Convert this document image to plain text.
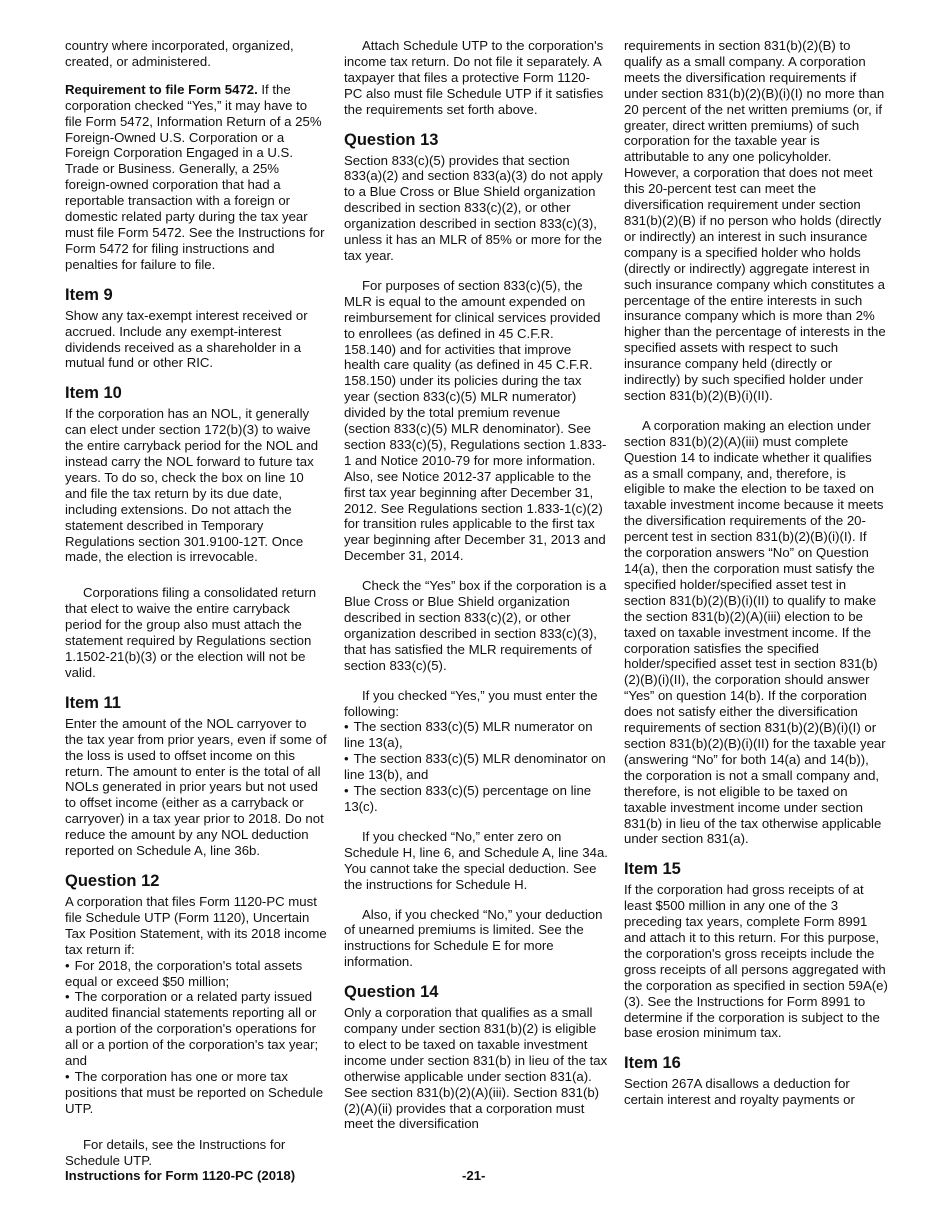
country where incorporated, organized, created, or administered.

Requirement to file Form 5472. If the corporation checked “Yes,” it may have to file Form 5472, Information Return of a 25% Foreign-Owned U.S. Corporation or a Foreign Corporation Engaged in a U.S. Trade or Business. Generally, a 25% foreign-owned corporation that had a reportable transaction with a foreign or domestic related party during the tax year must file Form 5472. See the Instructions for Form 5472 for filing instructions and penalties for failure to file.

Item 9

Show any tax-exempt interest received or accrued. Include any exempt-interest dividends received as a shareholder in a mutual fund or other RIC.

Item 10

If the corporation has an NOL, it generally can elect under section 172(b)(3) to waive the entire carryback period for the NOL and instead carry the NOL forward to future tax years. To do so, check the box on line 10 and file the tax return by its due date, including extensions. Do not attach the statement described in Temporary Regulations section 301.9100-12T. Once made, the election is irrevocable.

Corporations filing a consolidated return that elect to waive the entire carryback period for the group also must attach the statement required by Regulations section 1.1502-21(b)(3) or the election will not be valid.

Item 11

Enter the amount of the NOL carryover to the tax year from prior years, even if some of the loss is used to offset income on this return. The amount to enter is the total of all NOLs generated in prior years but not used to offset income (either as a carryback or carryover) in a tax year prior to 2018. Do not reduce the amount by any NOL deduction reported on Schedule A, line 36b.

Question 12

A corporation that files Form 1120-PC must file Schedule UTP (Form 1120), Uncertain Tax Position Statement, with its 2018 income tax return if:

• For 2018, the corporation's total assets equal or exceed $50 million;
• The corporation or a related party issued audited financial statements reporting all or a portion of the corporation's operations for all or a portion of the corporation's tax year; and
• The corporation has one or more tax positions that must be reported on Schedule UTP.

For details, see the Instructions for Schedule UTP.

Attach Schedule UTP to the corporation's income tax return. Do not file it separately. A taxpayer that files a protective Form 1120-PC also must file Schedule UTP if it satisfies the requirements set forth above.

Question 13

Section 833(c)(5) provides that section 833(a)(2) and section 833(a)(3) do not apply to a Blue Cross or Blue Shield organization described in section 833(c)(2), or other organization described in section 833(c)(3), unless it has an MLR of 85% or more for the tax year.

For purposes of section 833(c)(5), the MLR is equal to the amount expended on reimbursement for clinical services provided to enrollees (as defined in 45 C.F.R. 158.140) and for activities that improve health care quality (as defined in 45 C.F.R. 158.150) under its policies during the tax year (section 833(c)(5) MLR numerator) divided by the total premium revenue (section 833(c)(5) MLR denominator). See section 833(c)(5), Regulations section 1.833-1 and Notice 2010-79 for more information. Also, see Notice 2012-37 applicable to the first tax year beginning after December 31, 2012. See Regulations section 1.833-1(c)(2) for transition rules applicable to the first tax year beginning after December 31, 2013 and December 31, 2014.

Check the “Yes” box if the corporation is a Blue Cross or Blue Shield organization described in section 833(c)(2), or other organization described in section 833(c)(3), that has satisfied the MLR requirements of section 833(c)(5).

If you checked “Yes,” you must enter the following:

• The section 833(c)(5) MLR numerator on line 13(a),
• The section 833(c)(5) MLR denominator on line 13(b), and
• The section 833(c)(5) percentage on line 13(c).

If you checked “No,” enter zero on Schedule H, line 6, and Schedule A, line 34a. You cannot take the special deduction. See the instructions for Schedule H.

Also, if you checked “No,” your deduction of unearned premiums is limited. See the instructions for Schedule E for more information.

Question 14

Only a corporation that qualifies as a small company under section 831(b)(2) is eligible to elect to be taxed on taxable investment income under section 831(b) in lieu of the tax otherwise applicable under section 831(a). See section 831(b)(2)(A)(iii). Section 831(b)(2)(A)(ii) provides that a corporation must meet the diversification

requirements in section 831(b)(2)(B) to qualify as a small company. A corporation meets the diversification requirements if under section 831(b)(2)(B)(i)(I) no more than 20 percent of the net written premiums (or, if greater, direct written premiums) of such corporation for the taxable year is attributable to any one policyholder. However, a corporation that does not meet this 20-percent test can meet the diversification requirement under section 831(b)(2)(B) if no person who holds (directly or indirectly) an interest in such insurance company is a specified holder who holds (directly or indirectly) aggregate interest in such insurance company which constitutes a percentage of the entire interests in such insurance company which is more than 2% higher than the percentage of interests in the specified assets with respect to such insurance company held (directly or indirectly) by such specified holder under section 831(b)(2)(B)(i)(II).

A corporation making an election under section 831(b)(2)(A)(iii) must complete Question 14 to indicate whether it qualifies as a small company, and, therefore, is eligible to make the election to be taxed on taxable investment income because it meets the diversification requirements of the 20-percent test in section 831(b)(2)(B)(i)(I). If the corporation answers “No” on Question 14(a), then the corporation must satisfy the specified holder/specified asset test in section 831(b)(2)(B)(i)(II) to qualify to make the section 831(b)(2)(A)(iii) election to be taxed on taxable investment income. If the corporation satisfies the specified holder/specified asset test in section 831(b)(2)(B)(i)(II), the corporation should answer “Yes” on question 14(b). If the corporation does not satisfy either the diversification requirements of section 831(b)(2)(B)(i)(I) or section 831(b)(2)(B)(i)(II) for the taxable year (answering “No” for both 14(a) and 14(b)), the corporation is not a small company and, therefore, is not eligible to be taxed on taxable investment income under section 831(b) in lieu of the tax otherwise applicable under section 831(a).

Item 15

If the corporation had gross receipts of at least $500 million in any one of the 3 preceding tax years, complete Form 8991 and attach it to this return. For this purpose, the corporation's gross receipts include the gross receipts of all persons aggregated with the corporation as specified in section 59A(e)(3). See the Instructions for Form 8991 to determine if the corporation is subject to the base erosion minimum tax.

Item 16

Section 267A disallows a deduction for certain interest and royalty payments or

Instructions for Form 1120-PC (2018)	-21-
